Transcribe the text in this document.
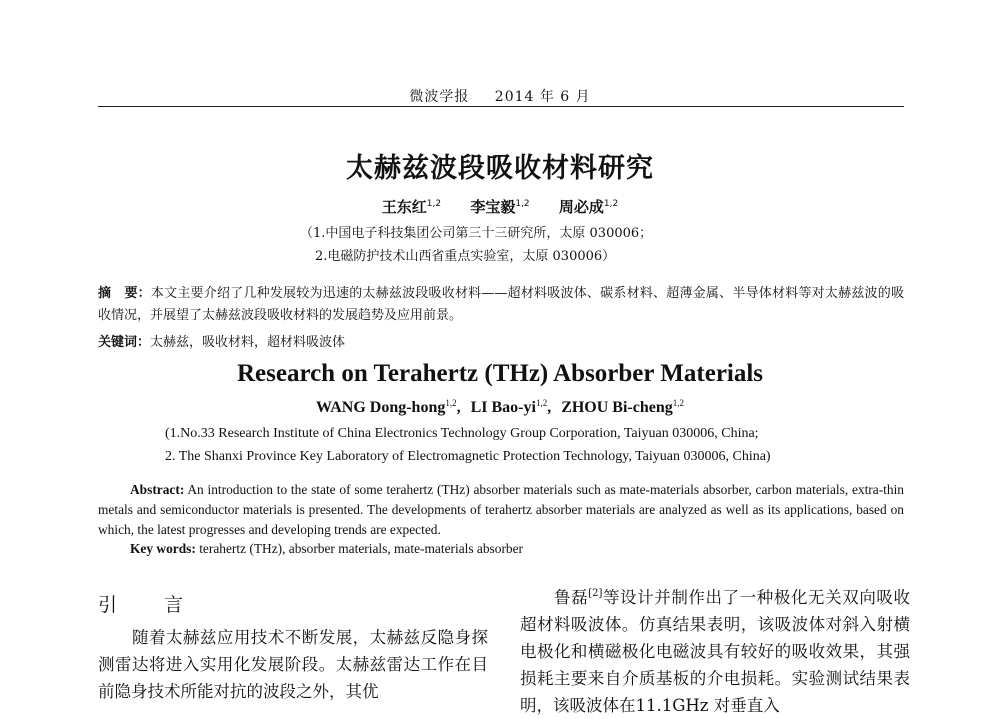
微波学报 2014 年 6 月
太赫兹波段吸收材料研究
王东红$^{1,2}$ 李宝毅$^{1,2}$ 周必成$^{1,2}$
（1.中国电子科技集团公司第三十三研究所，太原 030006；
2.电磁防护技术山西省重点实验室，太原 030006）
摘　要：本文主要介绍了几种发展较为迅速的太赫兹波段吸收材料——超材料吸波体、碳系材料、超薄金属、半导体材料等对太赫兹波的吸收情况，并展望了太赫兹波段吸收材料的发展趋势及应用前景。
关键词：太赫兹，吸收材料，超材料吸波体
Research on Terahertz (THz) Absorber Materials
WANG Dong-hong$^{1,2}$, LI Bao-yi$^{1,2}$, ZHOU Bi-cheng$^{1,2}$
(1.No.33 Research Institute of China Electronics Technology Group Corporation, Taiyuan 030006, China;
2. The Shanxi Province Key Laboratory of Electromagnetic Protection Technology, Taiyuan 030006, China)
Abstract: An introduction to the state of some terahertz (THz) absorber materials such as mate-materials absorber, carbon materials, extra-thin metals and semiconductor materials is presented. The developments of terahertz absorber materials are analyzed as well as its applications, based on which, the latest progresses and developing trends are expected.
Key words: terahertz (THz), absorber materials, mate-materials absorber
引　言
随着太赫兹应用技术不断发展，太赫兹反隐身探测雷达将进入实用化发展阶段。太赫兹雷达工作在目前隐身技术所能对抗的波段之外，其优
鲁磊[2]等设计并制作出了一种极化无关双向吸收超材料吸波体。仿真结果表明，该吸波体对斜入射横电极化和横磁极化电磁波具有较好的吸收效果，其强损耗主要来自介质基板的介电损耗。实验测试结果表明，该吸波体在11.1GHz 对垂直入
